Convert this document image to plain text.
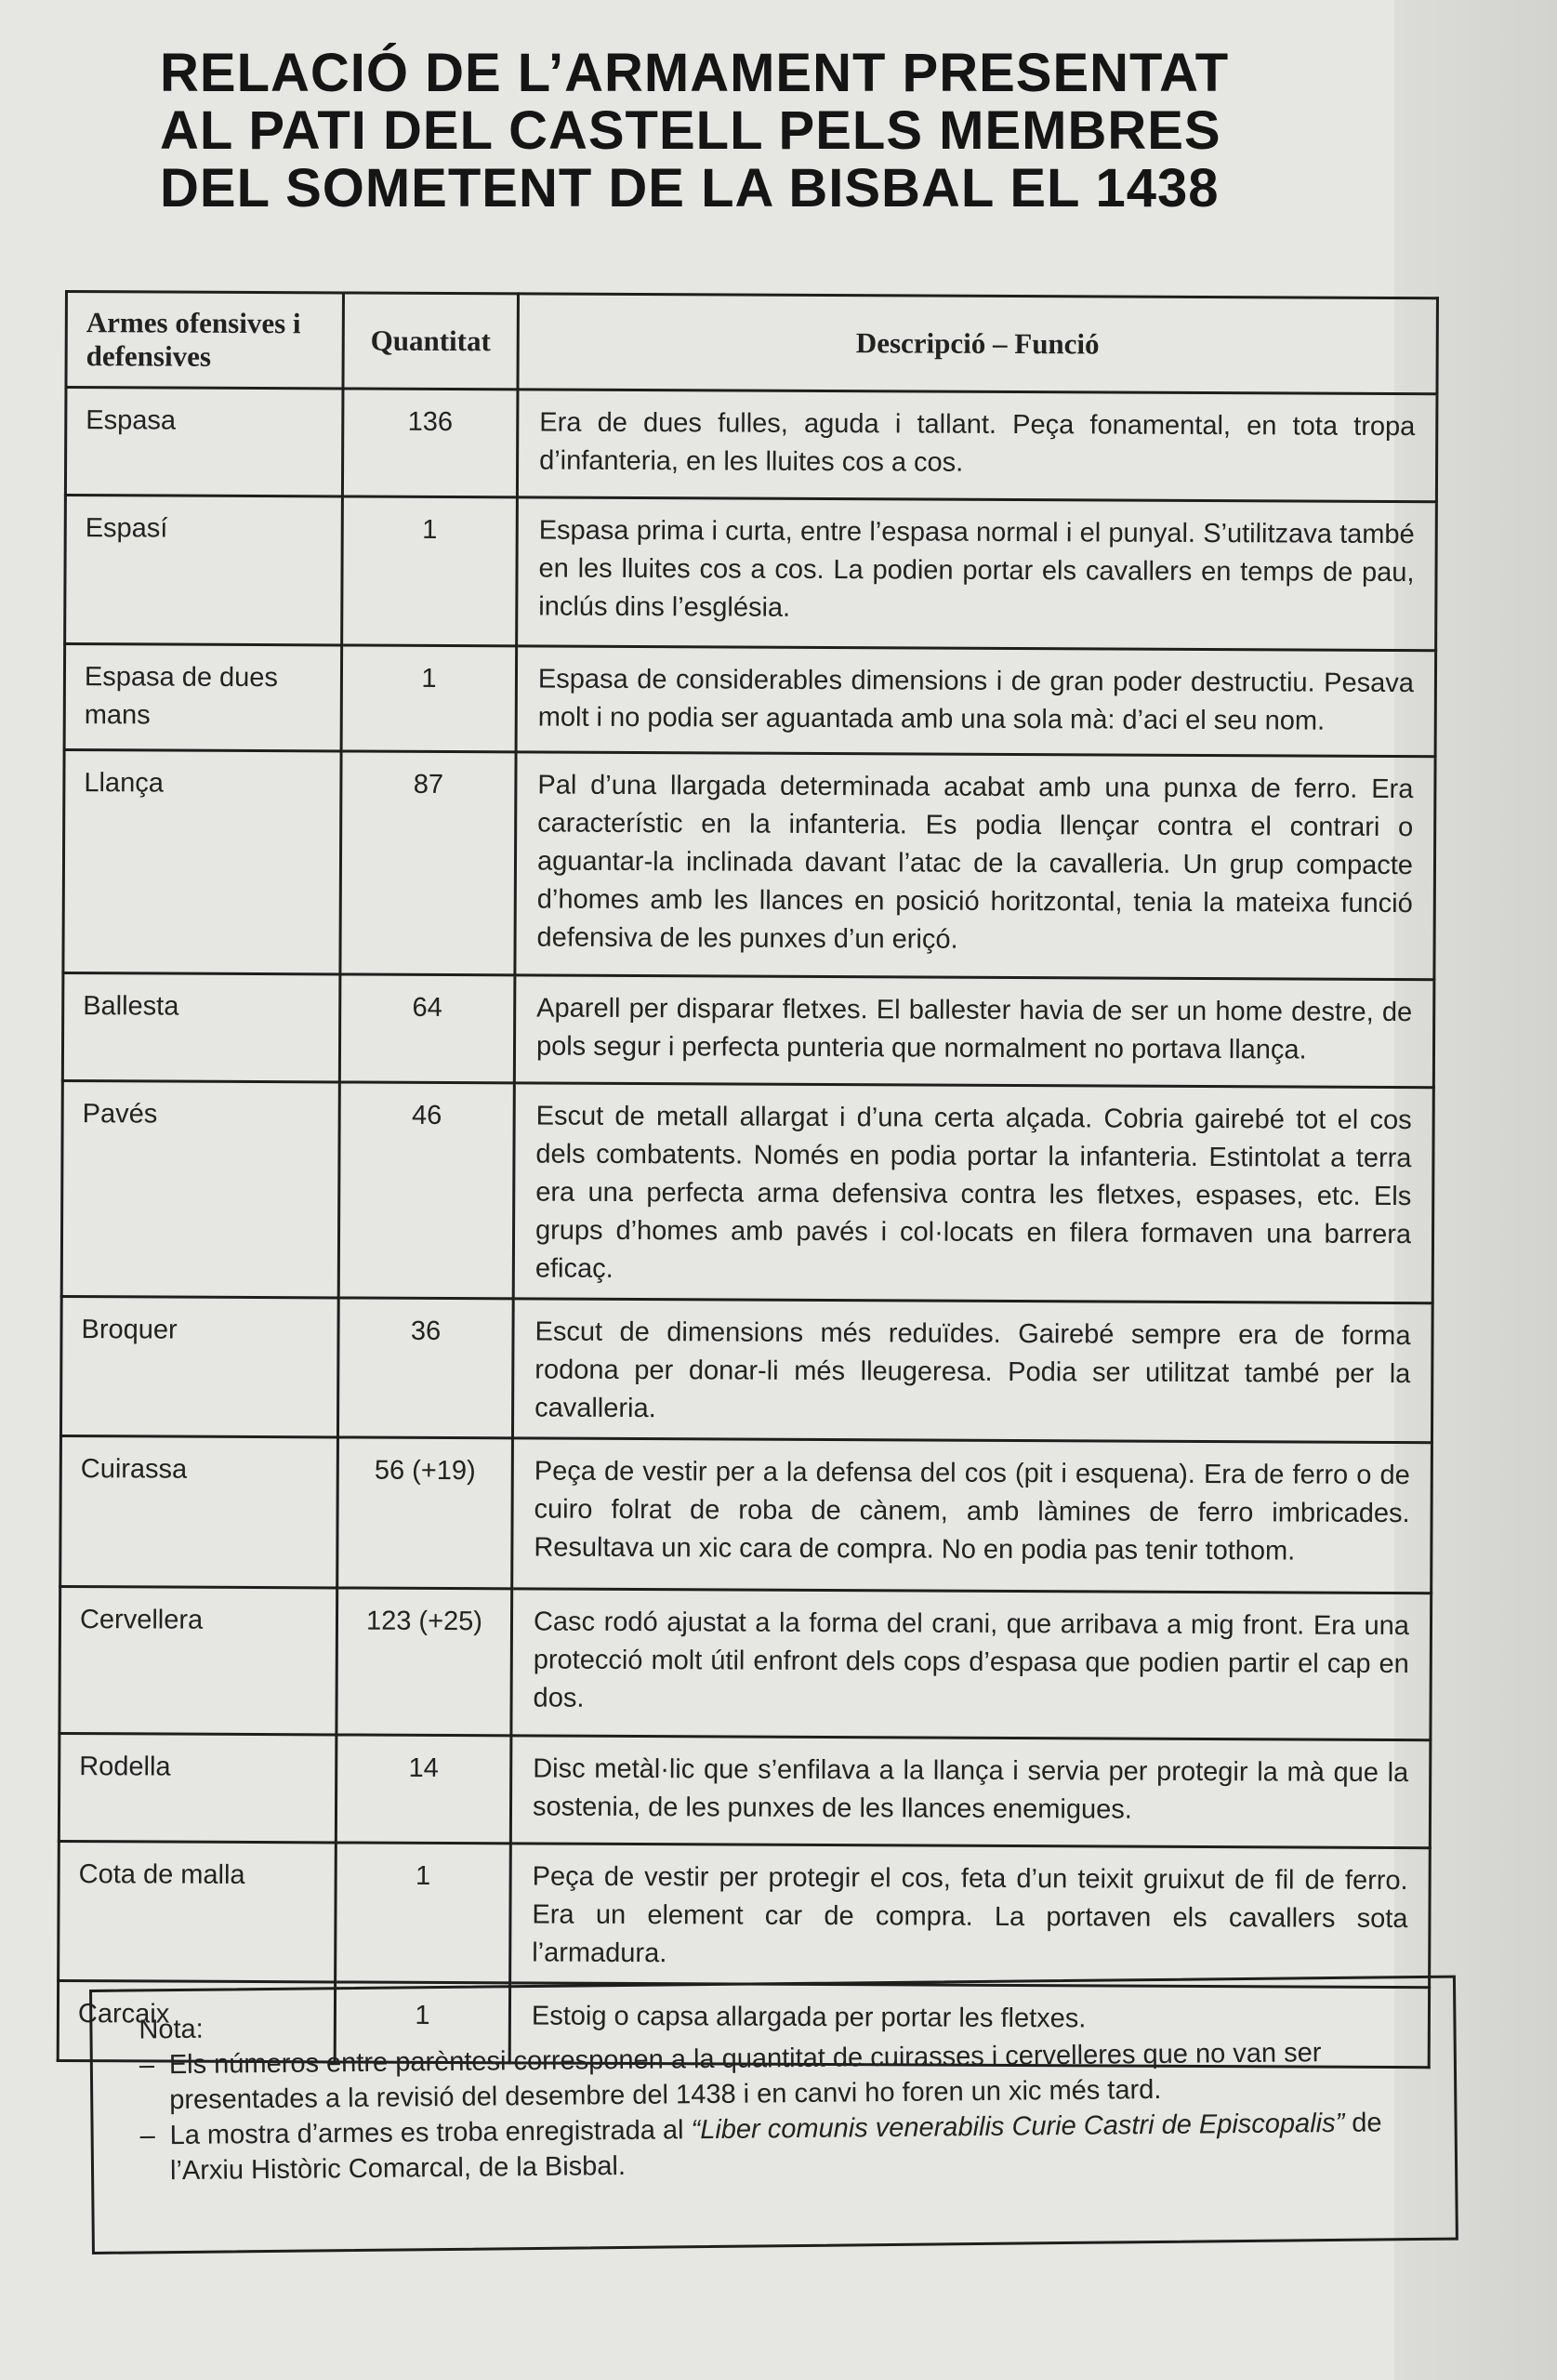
RELACIÓ DE L’ARMAMENT PRESENTAT
AL PATI DEL CASTELL PELS MEMBRES
DEL SOMETENT DE LA BISBAL EL 1438
Armes ofensives i defensives	Quantitat	Descripció – Funció
Espasa	136	Era de dues fulles, aguda i tallant. Peça fonamental, en tota tropa d’infanteria, en les lluites cos a cos.
Espasí	1	Espasa prima i curta, entre l’espasa normal i el punyal. S’utilitzava també en les lluites cos a cos. La podien portar els cavallers en temps de pau, inclús dins l’església.
Espasa de dues mans	1	Espasa de considerables dimensions i de gran poder destructiu. Pesava molt i no podia ser aguantada amb una sola mà: d’aci el seu nom.
Llança	87	Pal d’una llargada determinada acabat amb una punxa de ferro. Era característic en la infanteria. Es podia llençar contra el contrari o aguantar-la inclinada davant l’atac de la cavalleria. Un grup compacte d’homes amb les llances en posició horitzontal, tenia la mateixa funció defensiva de les punxes d’un eriçó.
Ballesta	64	Aparell per disparar fletxes. El ballester havia de ser un home destre, de pols segur i perfecta punteria que normalment no portava llança.
Pavés	46	Escut de metall allargat i d’una certa alçada. Cobria gairebé tot el cos dels combatents. Només en podia portar la infanteria. Estintolat a terra era una perfecta arma defensiva contra les fletxes, espases, etc. Els grups d’homes amb pavés i col·locats en filera formaven una barrera eficaç.
Broquer	36	Escut de dimensions més reduïdes. Gairebé sempre era de forma rodona per donar-li més lleugeresa. Podia ser utilitzat també per la cavalleria.
Cuirassa	56 (+19)	Peça de vestir per a la defensa del cos (pit i esquena). Era de ferro o de cuiro folrat de roba de cànem, amb làmines de ferro imbricades. Resultava un xic cara de compra. No en podia pas tenir tothom.
Cervellera	123 (+25)	Casc rodó ajustat a la forma del crani, que arribava a mig front. Era una protecció molt útil enfront dels cops d’espasa que podien partir el cap en dos.
Rodella	14	Disc metàl·lic que s’enfilava a la llança i servia per protegir la mà que la sostenia, de les punxes de les llances enemigues.
Cota de malla	1	Peça de vestir per protegir el cos, feta d’un teixit gruixut de fil de ferro. Era un element car de compra. La portaven els cavallers sota l’armadura.
Carcaix	1	Estoig o capsa allargada per portar les fletxes.

Nota:

– Els números entre parèntesi corresponen a la quantitat de cuirasses i cervelleres que no van ser presentades a la revisió del desembre del 1438 i en canvi ho foren un xic més tard.

– La mostra d’armes es troba enregistrada al “Liber comunis venerabilis Curie Castri de Episcopalis” de l’Arxiu Històric Comarcal, de la Bisbal.
